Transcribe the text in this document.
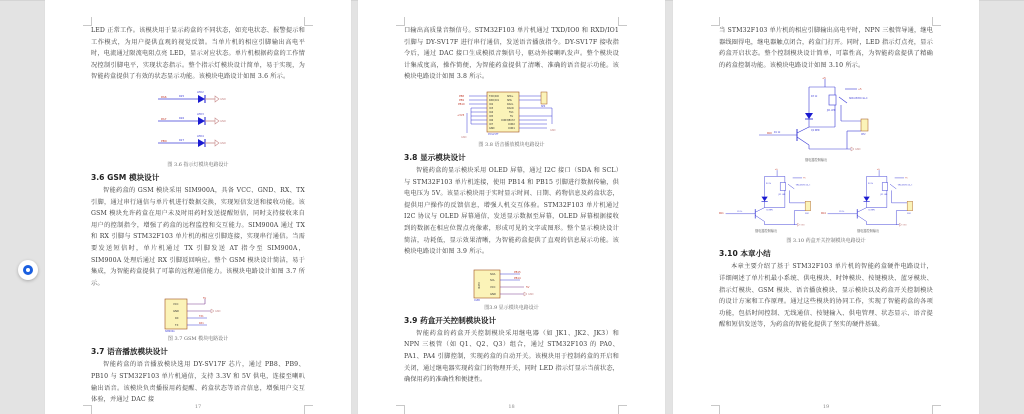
LED 正常工作。该模块用于显示药盒的不同状态，如充电状态、报警提示和工作模式，为用户提供直观的视觉反馈。当单片机的相应引脚输出高电平时，电流通过限流电阻点亮 LED，显示对应状态。单片机根据药盒的工作情况控制引脚电平，实现状态指示。整个指示灯模块设计简单，易于实现，为智能药盒提供了有效的状态显示功能。该模块电路设计如图 3.6 所示。

PA6	R25
LED2
GND
PA7	R26
LED3
GND
PB0	R27
LED4
GND
图 3.6 指示灯模块电路设计
3.6 GSM 模块设计

智能药盒的 GSM 模块采用 SIM900A，具备 VCC、GND、RX、TX 引脚，通过串行通信与单片机进行数据交换，实现短信发送和接收功能。该 GSM 模块允许药盒在用户未及时用药时发送提醒短信，同时支持接收来自用户的控制指令，增强了药盒的远程监控和交互能力。SIM900A 通过 TX 和 RX 引脚与 STM32F103 单片机的相应引脚连接，实现串行通信。当需要发送短信时，单片机通过 TX 引脚发送 AT 指令至 SIM900A，SIM900A 处理后通过 RX 引脚返回响应。整个 GSM 模块设计简洁，易于集成，为智能药盒提供了可靠的远程通信能力。该模块电路设计如图 3.7 所示。

VCC
GND
RX
TX
SIM900A
5V
GND
TX1
RX1
图 3.7 GSM 模块电路设计
3.7 语音播放模块设计

智能药盒的语音播放模块选用 DY-SV17F 芯片，通过 PB8、PB9、PB10 与 STM32F103 单片机通信，支持 3.3V 和 5V 供电，连接至喇叭输出语音。该模块负责播报用药提醒、药盒状态等语音信息，增强用户交互体验，并通过 DAC 接

17

口输出高质量音频信号。STM32F103 单片机通过 TXD/IO0 和 RXD/IO1 引脚与 DY-SV17F 进行串行通信，发送语音播放指令。DY-SV17F 接收指令后，通过 DAC 接口生成模拟音频信号，驱动外接喇叭发声。整个模块设计集成度高，操作简便，为智能药盒提供了清晰、准确的语音提示功能。该模块电路设计如图 3.8 所示。

TXD/IO0
RXD/IO1
IO2
IO3
IO4
IO5
IO6
IO7
GND
SPK+
SPK-
DACL
DACR
5V1
5V
CON3/BUSY
CON2
CON1
PB8
PB9
PB10
+3V3
SPK
GND
GND
DY-SV17F
图 3.8 语音播放模块电路设计
3.8 显示模块设计

智能药盒的显示模块采用 OLED 屏幕，通过 I2C 接口（SDA 和 SCL）与 STM32F103 单片机连接，使用 PB14 和 PB15 引脚进行数据传输，供电电压为 5V。该显示模块用于实时显示时间、日期、药物信息及药盒状态，提供用户操作的反馈信息，增强人机交互体验。STM32F103 单片机通过 I2C 协议与 OLED 屏幕通信，发送显示数据至屏幕，OLED 屏幕根据接收到的数据在相应位置点亮像素，形成可见的文字或图形。整个显示模块设计简洁，功耗低，显示效果清晰，为智能药盒提供了直观的信息展示功能。该模块电路设计如图 3.9 所示。

SDA
SCL
VCC
GND
OLED
PB15
PB14
5V
GND
OLED
图3.9 显示模块电路设计
3.9 药盒开关控制模块设计

智能药盒的药盒开关控制模块采用继电器（如 JK1、JK2、JK3）和 NPN 三极管（如 Q1、Q2、Q3）组合，通过 STM32F103 的 PA0、PA1、PA4 引脚控制，实现药盒的自动开关。该模块用于控制药盒的开启和关闭，通过继电器实现药盒门的物理开关，同时 LED 指示灯显示当前状态，确保用药的准确性和便捷性。

18

当 STM32F103 单片机的相应引脚输出高电平时，NPN 三极管导通，继电器线圈得电，继电器触点闭合，药盒门打开。同时，LED 指示灯点亮，显示药盒开启状态。整个控制模块设计简单，可靠性高，为智能药盒提供了精确的药盒控制功能。该模块电路设计如图 3.10 所示。

+5
R3 1k
JK1 LED
+5
SRD-05VDC-SL-C
Q1 NPN
R1 1k
GND
XH2
PA0
继电器控制输出
PA1
继电器控制输出
PA4
继电器控制输出
图 3.10 药盒开关控制模块电路设计
3.10 本章小结

本章主要介绍了基于 STM32F103 单片机的智能药盒硬件电路设计，详细阐述了单片机最小系统、供电模块、时钟模块、按键模块、蓝牙模块、指示灯模块、GSM 模块、语音播放模块、显示模块以及药盒开关控制模块的设计方案和工作原理。通过这些模块的协同工作，实现了智能药盒的各项功能，包括时间控制、无线通信、按键输入、供电管理、状态显示、语音提醒和短信发送等，为药盒的智能化提供了坚实的硬件基础。

19
